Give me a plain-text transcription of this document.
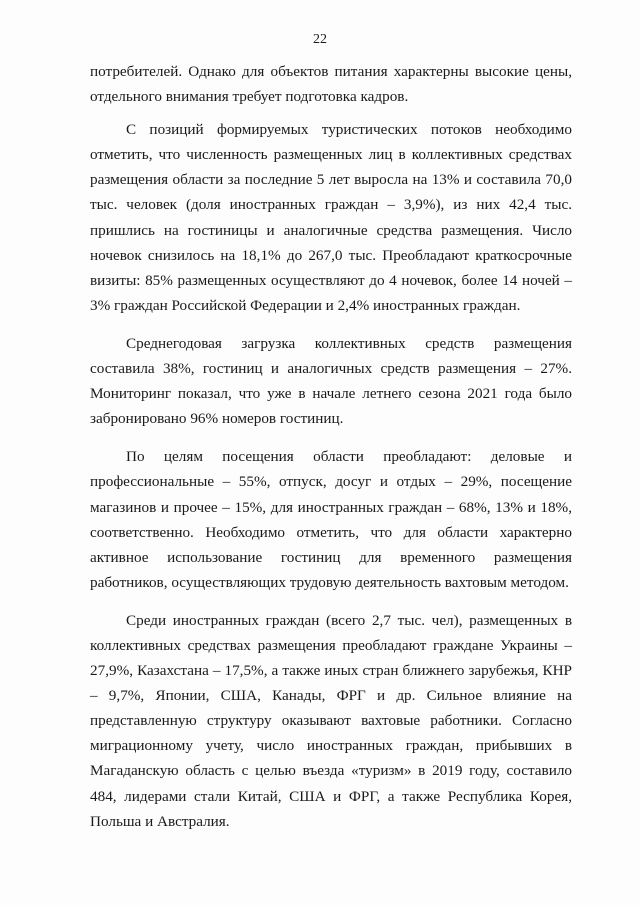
22

потребителей. Однако для объектов питания характерны высокие цены, отдельного внимания требует подготовка кадров.

С позиций формируемых туристических потоков необходимо отметить, что численность размещенных лиц в коллективных средствах размещения области за последние 5 лет выросла на 13% и составила 70,0 тыс. человек (доля иностранных граждан – 3,9%), из них 42,4 тыс. пришлись на гостиницы и аналогичные средства размещения. Число ночевок снизилось на 18,1% до 267,0 тыс. Преобладают краткосрочные визиты: 85% размещенных осуществляют до 4 ночевок, более 14 ночей – 3% граждан Российской Федерации и 2,4% иностранных граждан.

Среднегодовая загрузка коллективных средств размещения составила 38%, гостиниц и аналогичных средств размещения – 27%. Мониторинг показал, что уже в начале летнего сезона 2021 года было забронировано 96% номеров гостиниц.

По целям посещения области преобладают: деловые и профессиональные – 55%, отпуск, досуг и отдых – 29%, посещение магазинов и прочее – 15%, для иностранных граждан – 68%, 13% и 18%, соответственно. Необходимо отметить, что для области характерно активное использование гостиниц для временного размещения работников, осуществляющих трудовую деятельность вахтовым методом.

Среди иностранных граждан (всего 2,7 тыс. чел), размещенных в коллективных средствах размещения преобладают граждане Украины – 27,9%, Казахстана – 17,5%, а также иных стран ближнего зарубежья, КНР – 9,7%, Японии, США, Канады, ФРГ и др. Сильное влияние на представленную структуру оказывают вахтовые работники. Согласно миграционному учету, число иностранных граждан, прибывших в Магаданскую область с целью въезда «туризм» в 2019 году, составило 484, лидерами стали Китай, США и ФРГ, а также Республика Корея, Польша и Австралия.
